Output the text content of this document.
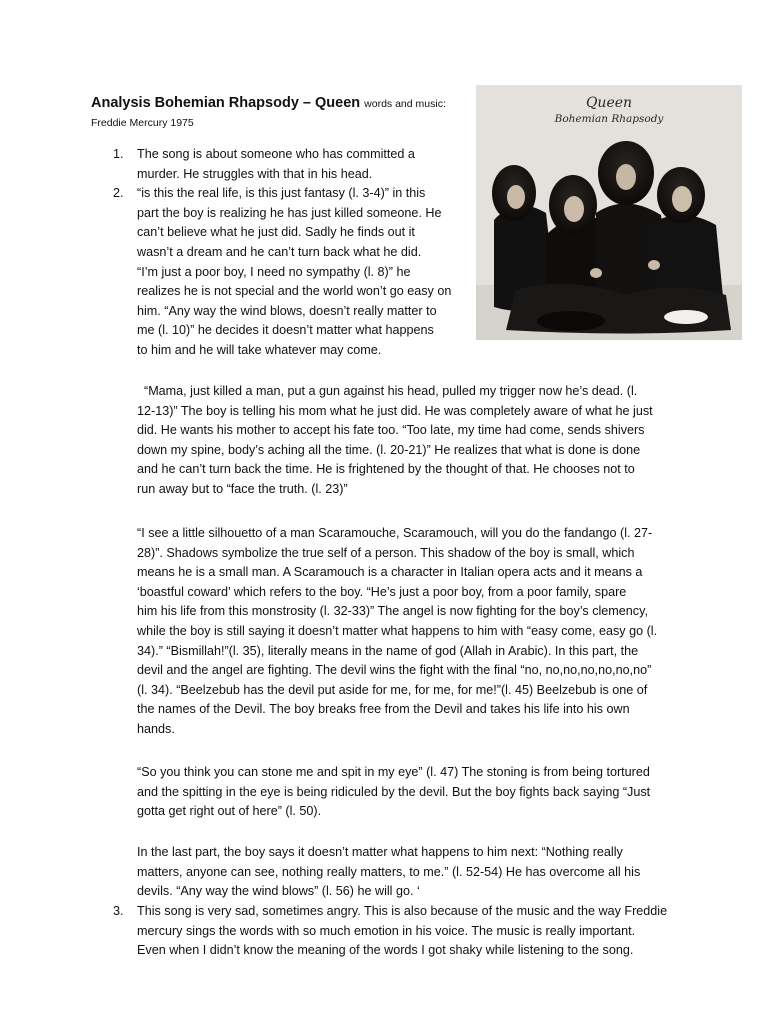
Analysis Bohemian Rhapsody – Queen words and music:
Freddie Mercury 1975
Queen
Bohemian Rhapsody
1. The song is about someone who has committed a
murder. He struggles with that in his head.
2. “is this the real life, is this just fantasy (l. 3-4)” in this
part the boy is realizing he has just killed someone. He
can’t believe what he just did. Sadly he finds out it
wasn’t a dream and he can’t turn back what he did.
“I’m just a poor boy, I need no sympathy (l. 8)” he
realizes he is not special and the world won’t go easy on
him. “Any way the wind blows, doesn’t really matter to
me (l. 10)” he decides it doesn’t matter what happens
to him and he will take whatever may come.
“Mama, just killed a man, put a gun against his head, pulled my trigger now he’s dead. (l.
12-13)” The boy is telling his mom what he just did. He was completely aware of what he just
did. He wants his mother to accept his fate too. “Too late, my time had come, sends shivers
down my spine, body’s aching all the time. (l. 20-21)” He realizes that what is done is done
and he can’t turn back the time. He is frightened by the thought of that. He chooses not to
run away but to “face the truth. (l. 23)”
“I see a little silhouetto of a man Scaramouche, Scaramouch, will you do the fandango (l. 27-
28)”. Shadows symbolize the true self of a person. This shadow of the boy is small, which
means he is a small man. A Scaramouch is a character in Italian opera acts and it means a
‘boastful coward’ which refers to the boy. “He’s just a poor boy, from a poor family, spare
him his life from this monstrosity (l. 32-33)” The angel is now fighting for the boy’s clemency,
while the boy is still saying it doesn’t matter what happens to him with “easy come, easy go (l.
34).” “Bismillah!”(l. 35), literally means in the name of god (Allah in Arabic). In this part, the
devil and the angel are fighting. The devil wins the fight with the final “no, no,no,no,no,no,no”
(l. 34). “Beelzebub has the devil put aside for me, for me, for me!”(l. 45) Beelzebub is one of
the names of the Devil. The boy breaks free from the Devil and takes his life into his own
hands.
“So you think you can stone me and spit in my eye” (l. 47) The stoning is from being tortured
and the spitting in the eye is being ridiculed by the devil. But the boy fights back saying “Just
gotta get right out of here” (l. 50).
In the last part, the boy says it doesn’t matter what happens to him next: “Nothing really
matters, anyone can see, nothing really matters, to me.” (l. 52-54) He has overcome all his
devils. “Any way the wind blows” (l. 56) he will go. ‘
3. This song is very sad, sometimes angry. This is also because of the music and the way Freddie
mercury sings the words with so much emotion in his voice. The music is really important.
Even when I didn’t know the meaning of the words I got shaky while listening to the song.
